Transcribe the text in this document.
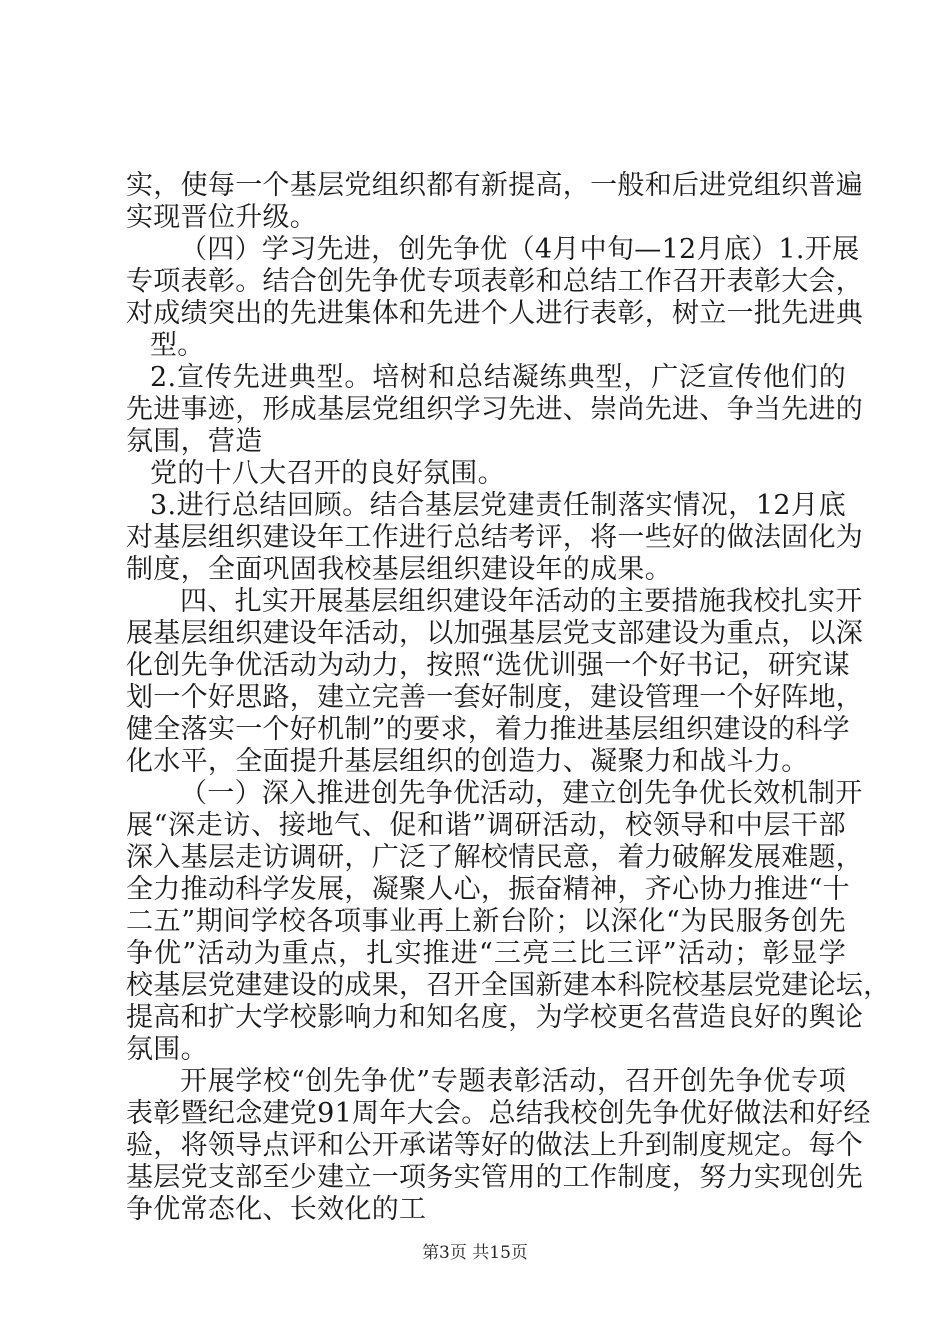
实，使每一个基层党组织都有新提高，一般和后进党组织普遍
实现晋位升级。
（四）学习先进，创先争优（4月中旬—12月底）1.开展
专项表彰。结合创先争优专项表彰和总结工作召开表彰大会，
对成绩突出的先进集体和先进个人进行表彰，树立一批先进典
型。
2.宣传先进典型。培树和总结凝练典型，广泛宣传他们的
先进事迹，形成基层党组织学习先进、崇尚先进、争当先进的
氛围，营造
党的十八大召开的良好氛围。
3.进行总结回顾。结合基层党建责任制落实情况，12月底
对基层组织建设年工作进行总结考评，将一些好的做法固化为
制度，全面巩固我校基层组织建设年的成果。
四、扎实开展基层组织建设年活动的主要措施我校扎实开
展基层组织建设年活动，以加强基层党支部建设为重点，以深
化创先争优活动为动力，按照“选优训强一个好书记，研究谋
划一个好思路，建立完善一套好制度，建设管理一个好阵地，
健全落实一个好机制”的要求，着力推进基层组织建设的科学
化水平，全面提升基层组织的创造力、凝聚力和战斗力。
（一）深入推进创先争优活动，建立创先争优长效机制开
展“深走访、接地气、促和谐”调研活动，校领导和中层干部
深入基层走访调研，广泛了解校情民意，着力破解发展难题，
全力推动科学发展，凝聚人心，振奋精神，齐心协力推进“十
二五”期间学校各项事业再上新台阶；以深化“为民服务创先
争优”活动为重点，扎实推进“三亮三比三评”活动；彰显学
校基层党建建设的成果，召开全国新建本科院校基层党建论坛，
提高和扩大学校影响力和知名度，为学校更名营造良好的舆论
氛围。
开展学校“创先争优”专题表彰活动，召开创先争优专项
表彰暨纪念建党91周年大会。总结我校创先争优好做法和好经
验，将领导点评和公开承诺等好的做法上升到制度规定。每个
基层党支部至少建立一项务实管用的工作制度，努力实现创先
争优常态化、长效化的工
第3页 共15页
